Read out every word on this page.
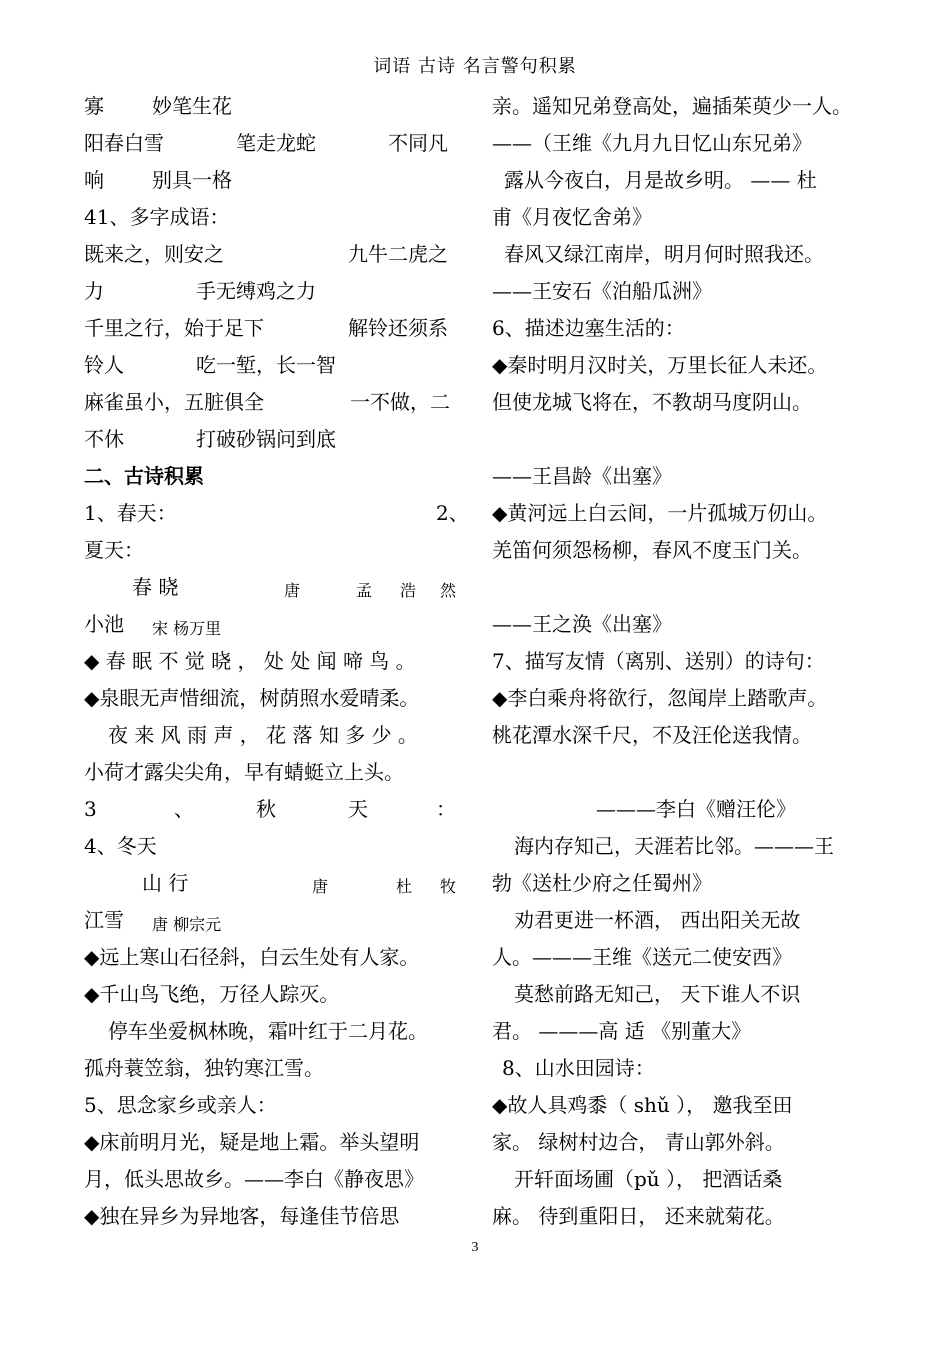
词语 古诗 名言警句积累
寡 妙笔生花
阳春白雪	笔走龙蛇	不同凡
响 别具一格
41、多字成语：
既来之，则安之	九牛二虎之
力	手无缚鸡之力
千里之行，始于足下	解铃还须系
铃人	吃一堑，长一智
麻雀虽小，五脏俱全	一不做，二
不休	打破砂锅问到底
二、古诗积累
1、春天：	2、
夏天：
春 晓	唐	孟 浩 然
小池 宋 杨万里
◆ 春 眠 不 觉 晓 ， 处 处 闻 啼 鸟 。
◆泉眼无声惜细流，树荫照水爱晴柔。
夜 来 风 雨 声 ， 花 落 知 多 少 。
小荷才露尖尖角，早有蜻蜓立上头。
3	、	秋	天	：
4、冬天
山 行	唐	杜 牧
江雪 唐 柳宗元
◆远上寒山石径斜，白云生处有人家。
◆千山鸟飞绝，万径人踪灭。
停车坐爱枫林晚，霜叶红于二月花。
孤舟蓑笠翁，独钓寒江雪。
5、思念家乡或亲人：
◆床前明月光，疑是地上霜。举头望明
月，低头思故乡。——李白《静夜思》
◆独在异乡为异地客，每逢佳节倍思
亲。遥知兄弟登高处，遍插茱萸少一人。
——（王维《九月九日忆山东兄弟》
露从今夜白，月是故乡明。 —— 杜
甫《月夜忆舍弟》
春风又绿江南岸，明月何时照我还。
——王安石《泊船瓜洲》
6、描述边塞生活的：
◆秦时明月汉时关，万里长征人未还。
但使龙城飞将在，不教胡马度阴山。
——王昌龄《出塞》
◆黄河远上白云间，一片孤城万仞山。
羌笛何须怨杨柳，春风不度玉门关。
——王之涣《出塞》
7、描写友情（离别、送别）的诗句：
◆李白乘舟将欲行，忽闻岸上踏歌声。
桃花潭水深千尺，不及汪伦送我情。
———李白《赠汪伦》
海内存知己，天涯若比邻。———王
勃《送杜少府之任蜀州》
劝君更进一杯酒， 西出阳关无故
人。———王维《送元二使安西》
莫愁前路无知己， 天下谁人不识
君。 ———高 适 《别董大》
8、山水田园诗：
◆故人具鸡黍（ shǔ ）， 邀我至田
家。 绿树村边合， 青山郭外斜。
开轩面场圃（pǔ ）， 把酒话桑
麻。 待到重阳日， 还来就菊花。
3
